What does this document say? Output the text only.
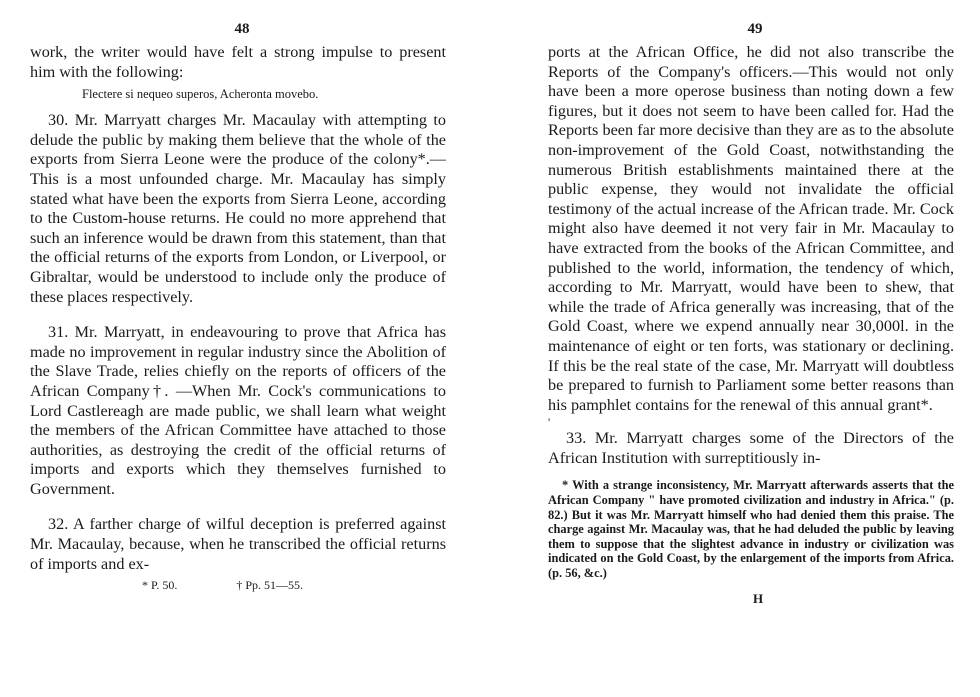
48

work, the writer would have felt a strong impulse to present him with the following:

Flectere si nequeo superos, Acheronta movebo.

30. Mr. Marryatt charges Mr. Macaulay with attempting to delude the public by making them believe that the whole of the exports from Sierra Leone were the produce of the colony*.—This is a most unfounded charge. Mr. Macaulay has simply stated what have been the exports from Sierra Leone, according to the Custom-house returns. He could no more apprehend that such an inference would be drawn from this statement, than that the official returns of the exports from London, or Liverpool, or Gibraltar, would be understood to include only the produce of these places respectively.

31. Mr. Marryatt, in endeavouring to prove that Africa has made no improvement in regular industry since the Abolition of the Slave Trade, relies chiefly on the reports of officers of the African Company†. —When Mr. Cock's communications to Lord Castlereagh are made public, we shall learn what weight the members of the African Committee have attached to those authorities, as destroying the credit of the official returns of imports and exports which they themselves furnished to Government.

32. A farther charge of wilful deception is preferred against Mr. Macaulay, because, when he transcribed the official returns of imports and ex-

* P. 50.	† Pp. 51—55.
49

ports at the African Office, he did not also transcribe the Reports of the Company's officers.—This would not only have been a more operose business than noting down a few figures, but it does not seem to have been called for. Had the Reports been far more decisive than they are as to the absolute non-improvement of the Gold Coast, notwithstanding the numerous British establishments maintained there at the public expense, they would not invalidate the official testimony of the actual increase of the African trade. Mr. Cock might also have deemed it not very fair in Mr. Macaulay to have extracted from the books of the African Committee, and published to the world, information, the tendency of which, according to Mr. Marryatt, would have been to shew, that while the trade of Africa generally was increasing, that of the Gold Coast, where we expend annually near 30,000l. in the maintenance of eight or ten forts, was stationary or declining. If this be the real state of the case, Mr. Marryatt will doubtless be prepared to furnish to Parliament some better reasons than his pamphlet contains for the renewal of this annual grant*.

'

33. Mr. Marryatt charges some of the Directors of the African Institution with surreptitiously in-

* With a strange inconsistency, Mr. Marryatt afterwards asserts that the African Company " have promoted civilization and industry in Africa." (p. 82.) But it was Mr. Marryatt himself who had denied them this praise. The charge against Mr. Macaulay was, that he had deluded the public by leaving them to suppose that the slightest advance in industry or civilization was indicated on the Gold Coast, by the enlargement of the imports from Africa. (p. 56, &c.)

H
